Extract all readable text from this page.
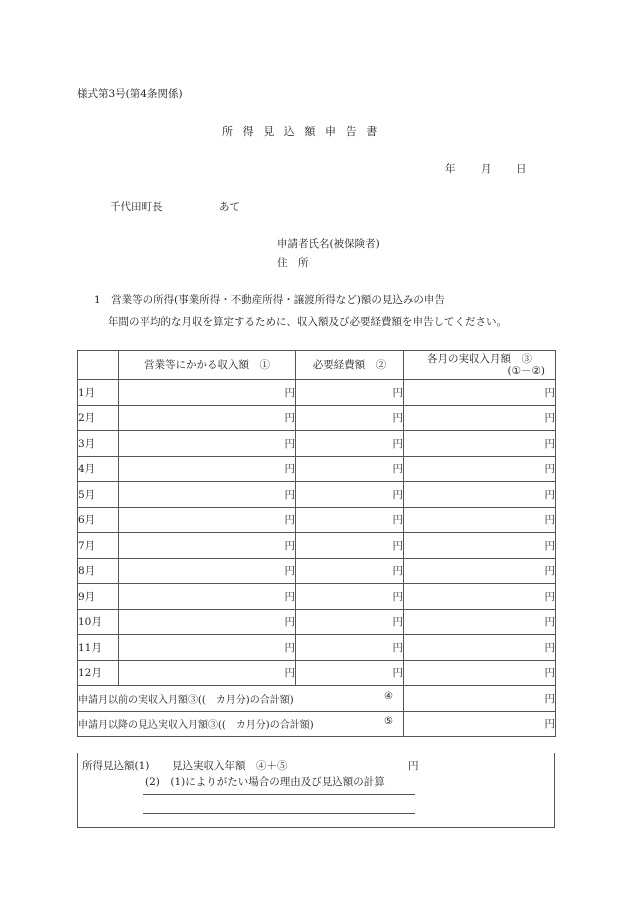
様式第3号(第4条関係)
所得見込額申告書
年 月 日
千代田町長	あて
申請者氏名(被保険者)
住　所
1　営業等の所得(事業所得・不動産所得・譲渡所得など)額の見込みの申告
年間の平均的な月収を算定するために、収入額及び必要経費額を申告してください。
	営業等にかかる収入額　①	必要経費額　②	各月の実収入月額　③
(①－②)

1月	円	円	円
2月	円	円	円
3月	円	円	円
4月	円	円	円
5月	円	円	円
6月	円	円	円
7月	円	円	円
8月	円	円	円
9月	円	円	円
10月	円	円	円
11月	円	円	円
12月	円	円	円
申請月以前の実収入月額③((　カ月分)の合計額) ④			円
申請月以降の見込実収入月額③((　カ月分)の合計額) ⑤			円
所得見込額(1) 見込実収入年額　④＋⑤	円
(2)　(1)によりがたい場合の理由及び見込額の計算
